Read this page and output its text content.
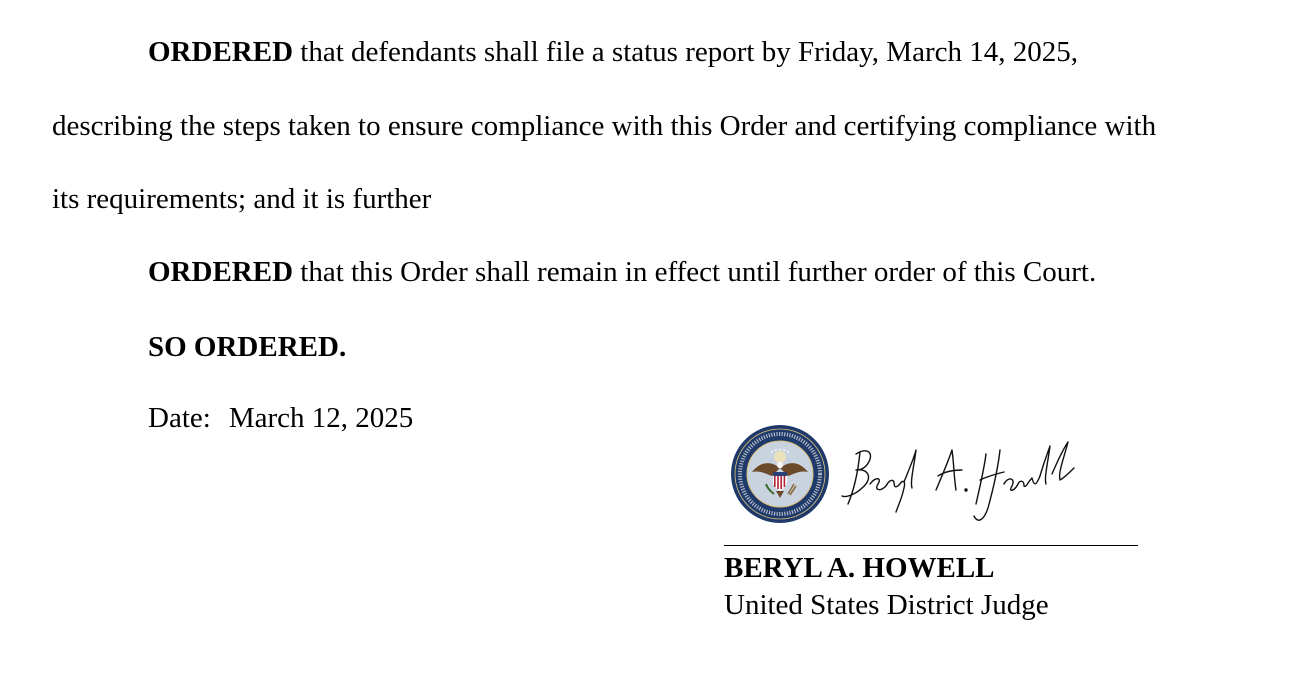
ORDERED that defendants shall file a status report by Friday, March 14, 2025,
describing the steps taken to ensure compliance with this Order and certifying compliance with
its requirements; and it is further
ORDERED that this Order shall remain in effect until further order of this Court.
SO ORDERED.
Date: March 12, 2025
BERYL A. HOWELL
United States District Judge
